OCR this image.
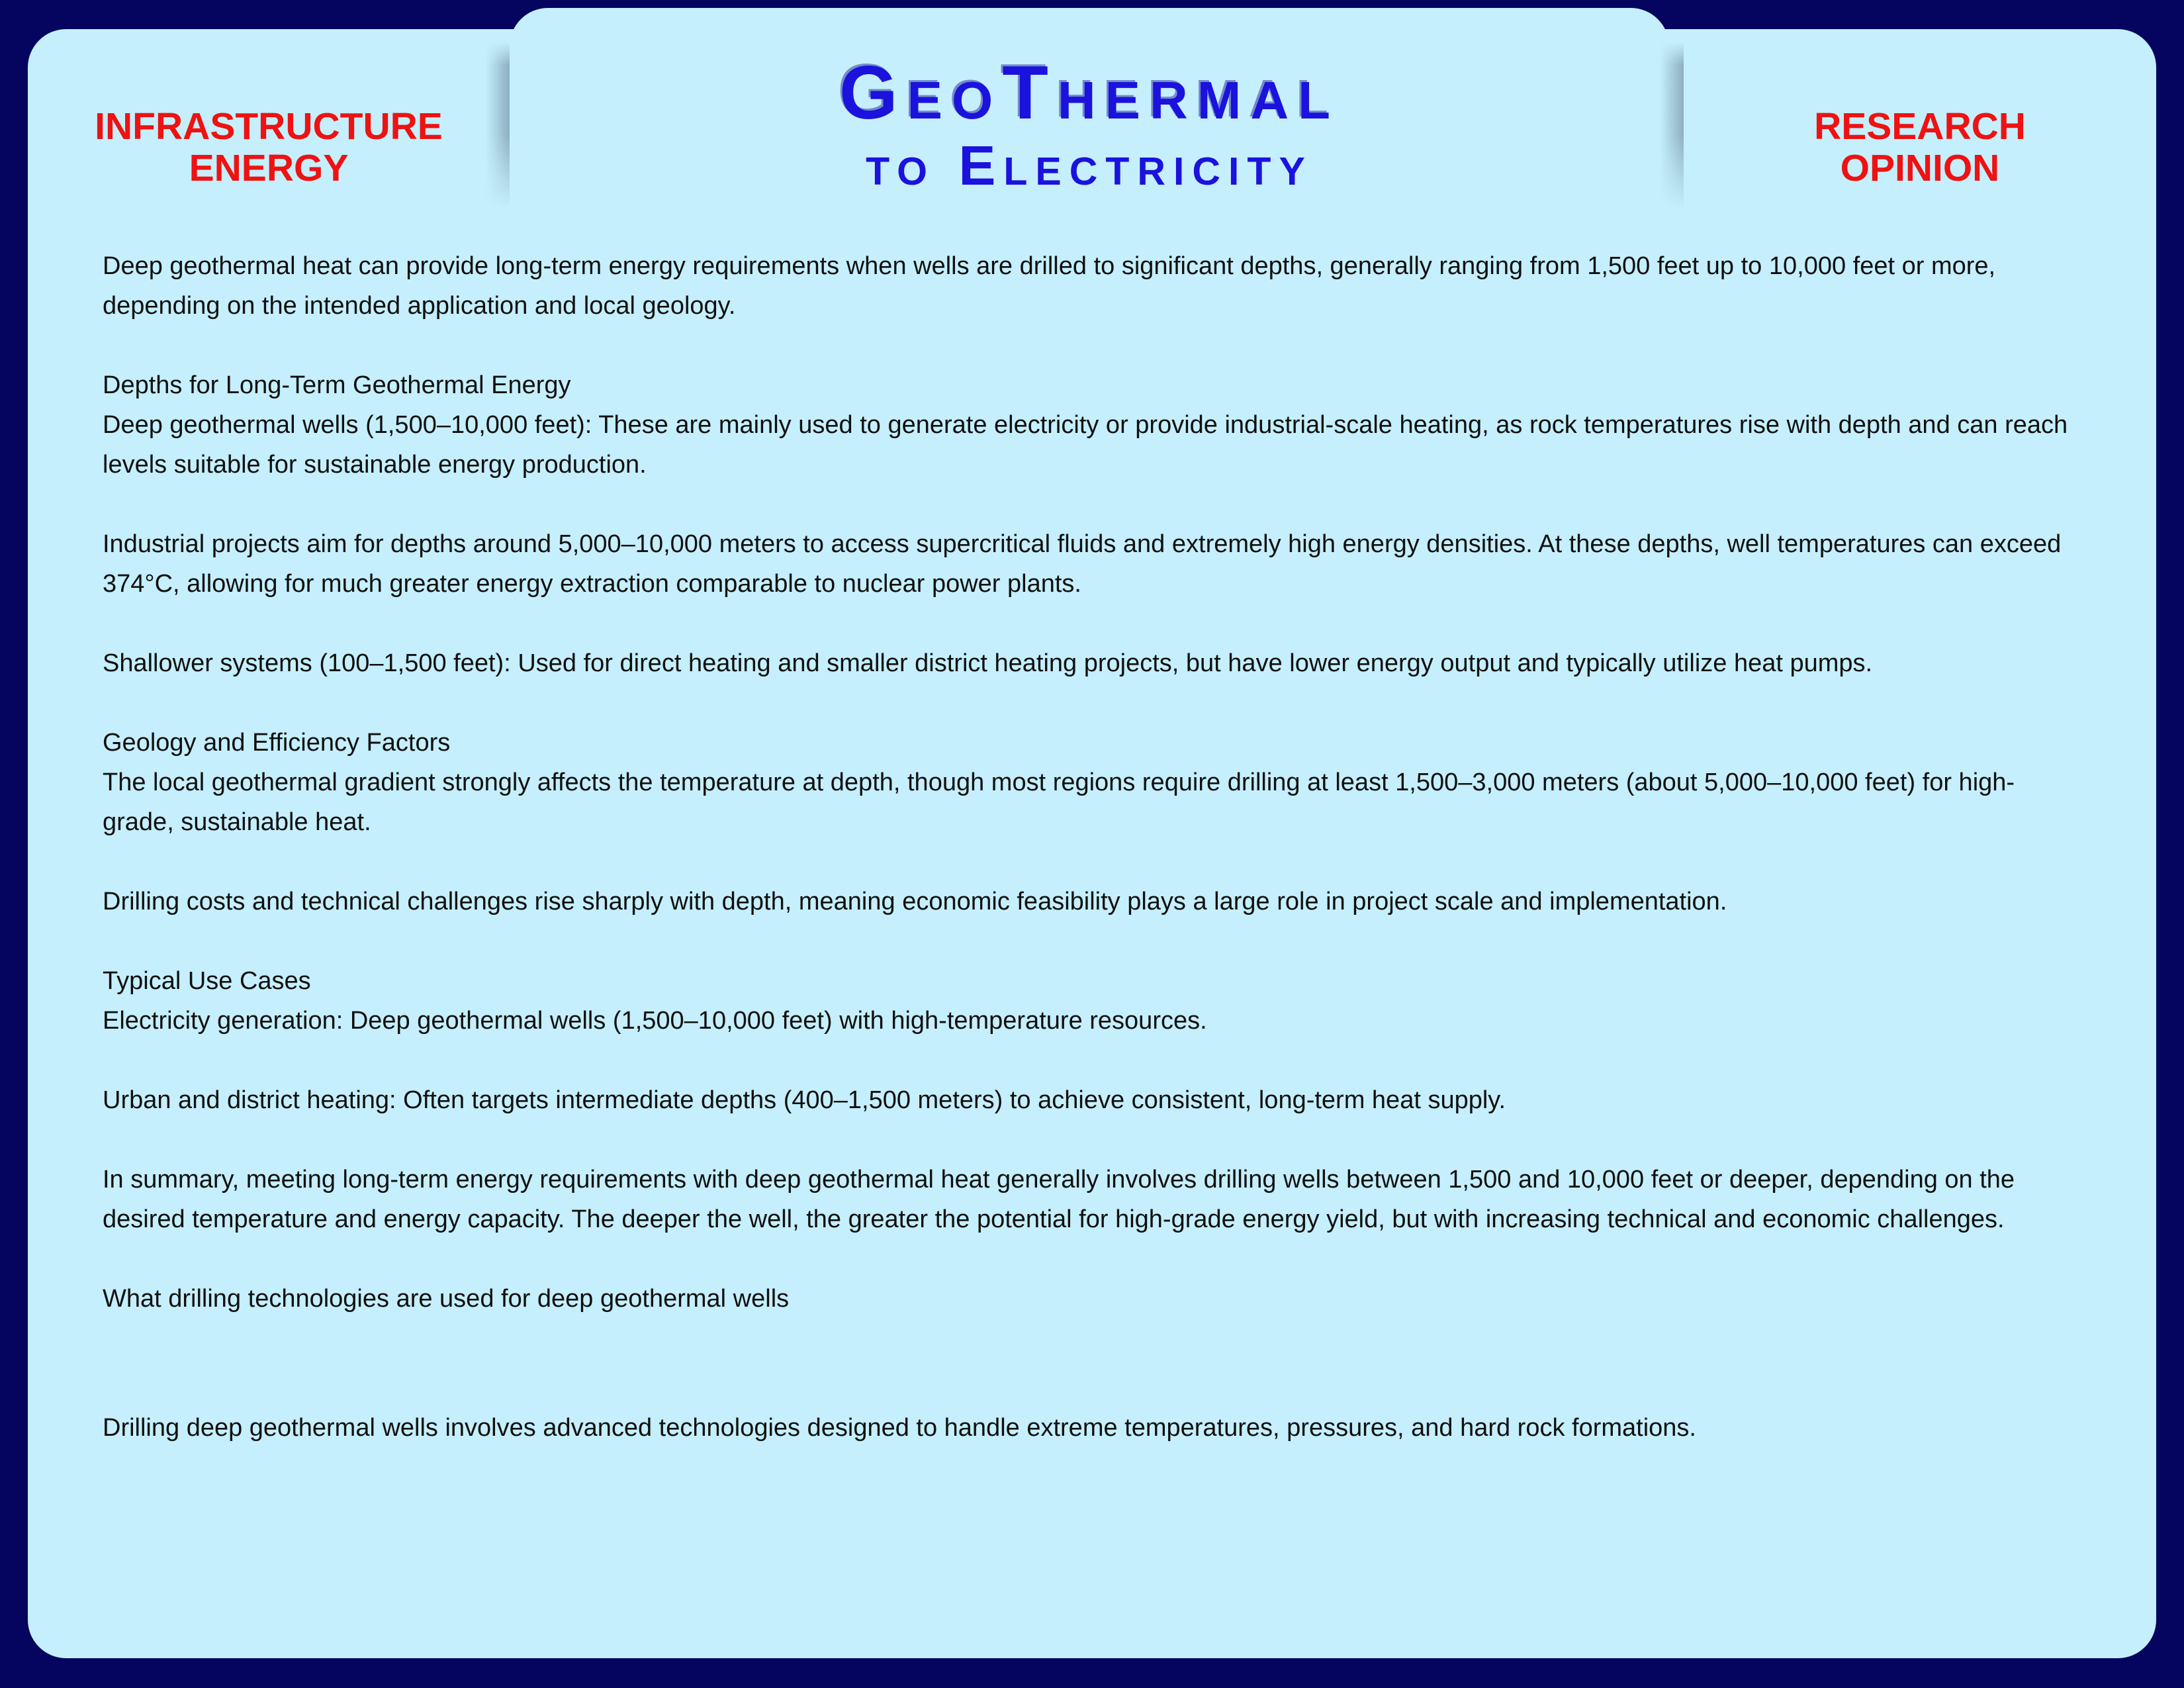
INFRASTRUCTURE
ENERGY
GeoThermal
to Electricity
RESEARCH
OPINION
Deep geothermal heat can provide long-term energy requirements when wells are drilled to significant depths, generally ranging from 1,500 feet up to 10,000 feet or more, depending on the intended application and local geology.
Depths for Long-Term Geothermal Energy
Deep geothermal wells (1,500–10,000 feet): These are mainly used to generate electricity or provide industrial-scale heating, as rock temperatures rise with depth and can reach levels suitable for sustainable energy production.
Industrial projects aim for depths around 5,000–10,000 meters to access supercritical fluids and extremely high energy densities. At these depths, well temperatures can exceed 374°C, allowing for much greater energy extraction comparable to nuclear power plants.
Shallower systems (100–1,500 feet): Used for direct heating and smaller district heating projects, but have lower energy output and typically utilize heat pumps.
Geology and Efficiency Factors
The local geothermal gradient strongly affects the temperature at depth, though most regions require drilling at least 1,500–3,000 meters (about 5,000–10,000 feet) for high-grade, sustainable heat.
Drilling costs and technical challenges rise sharply with depth, meaning economic feasibility plays a large role in project scale and implementation.
Typical Use Cases
Electricity generation: Deep geothermal wells (1,500–10,000 feet) with high-temperature resources.
Urban and district heating: Often targets intermediate depths (400–1,500 meters) to achieve consistent, long-term heat supply.
In summary, meeting long-term energy requirements with deep geothermal heat generally involves drilling wells between 1,500 and 10,000 feet or deeper, depending on the desired temperature and energy capacity. The deeper the well, the greater the potential for high-grade energy yield, but with increasing technical and economic challenges.
What drilling technologies are used for deep geothermal wells
Drilling deep geothermal wells involves advanced technologies designed to handle extreme temperatures, pressures, and hard rock formations.
